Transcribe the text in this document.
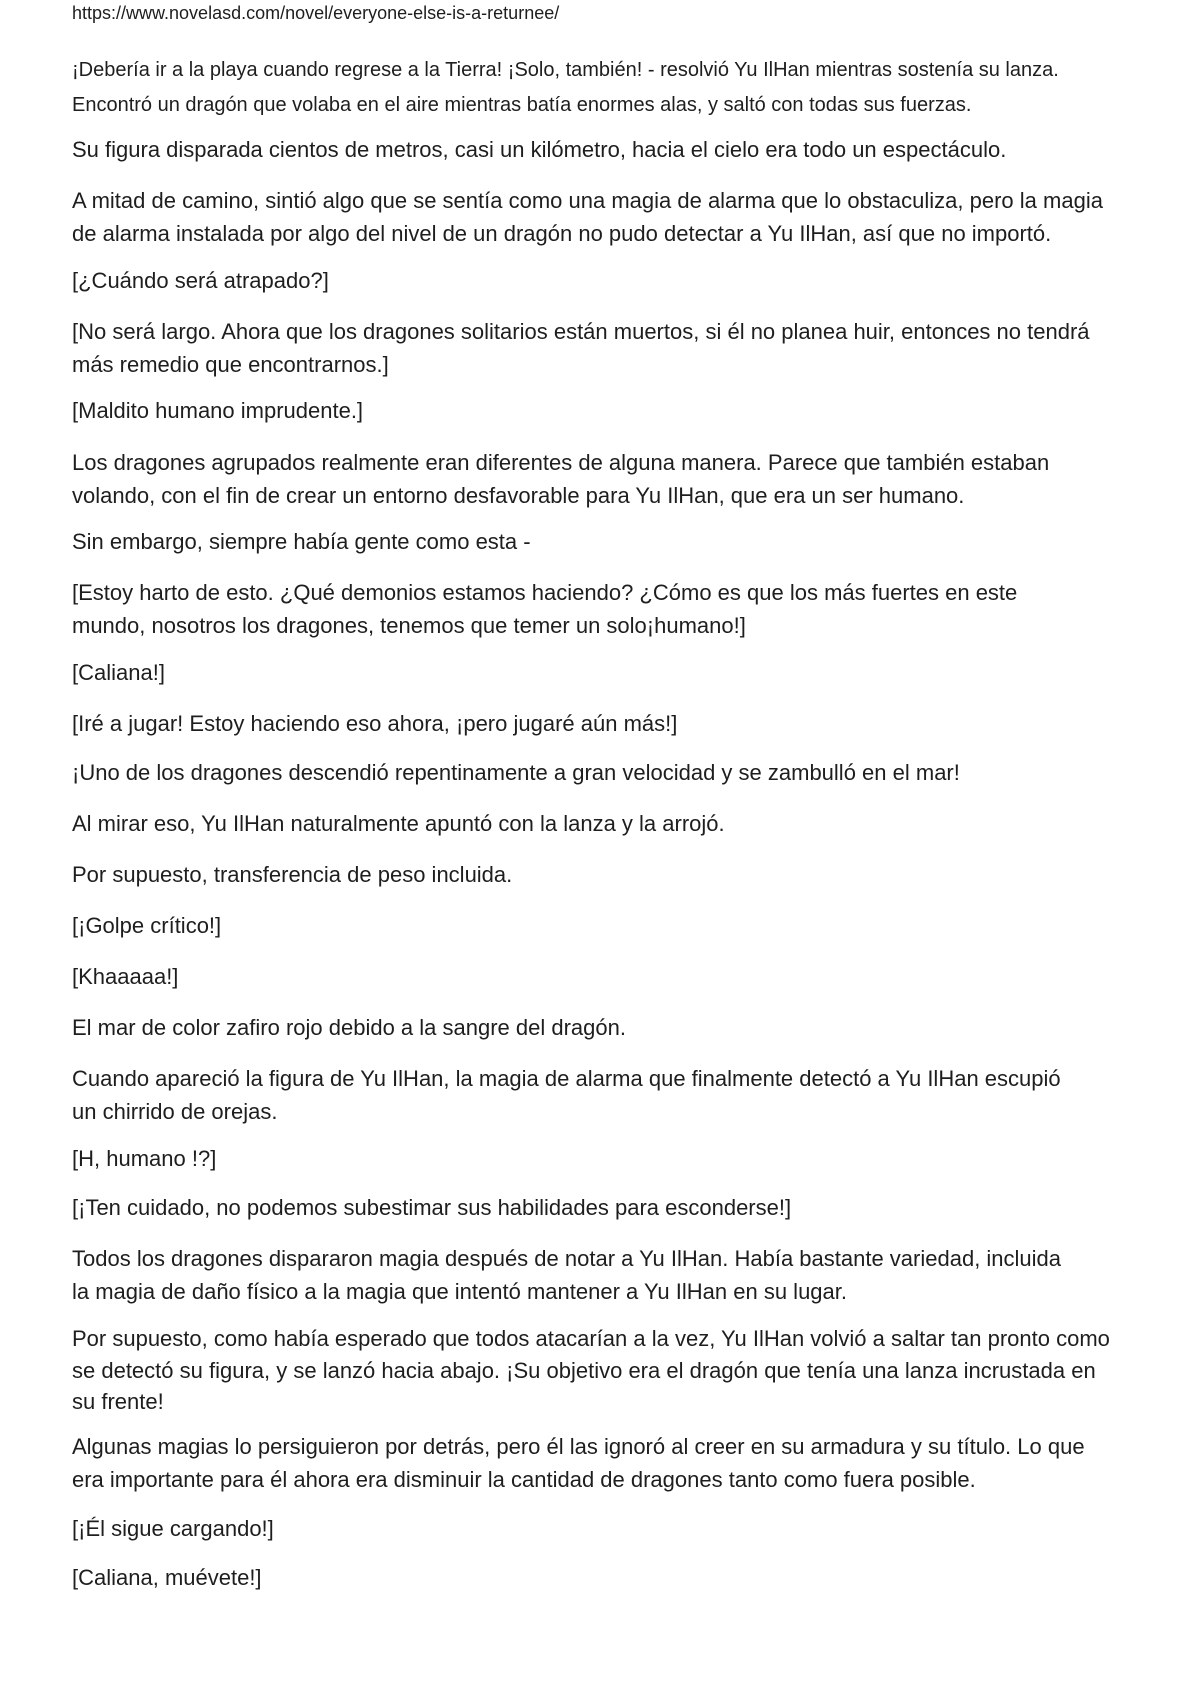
https://www.novelasd.com/novel/everyone-else-is-a-returnee/

¡Debería ir a la playa cuando regrese a la Tierra! ¡Solo, también! - resolvió Yu IlHan mientras sostenía su lanza.
Encontró un dragón que volaba en el aire mientras batía enormes alas, y saltó con todas sus fuerzas.

Su figura disparada cientos de metros, casi un kilómetro, hacia el cielo era todo un espectáculo.

A mitad de camino, sintió algo que se sentía como una magia de alarma que lo obstaculiza, pero la magia
de alarma instalada por algo del nivel de un dragón no pudo detectar a Yu IlHan, así que no importó.

[¿Cuándo será atrapado?]

[No será largo. Ahora que los dragones solitarios están muertos, si él no planea huir, entonces no tendrá
más remedio que encontrarnos.]

[Maldito humano imprudente.]

Los dragones agrupados realmente eran diferentes de alguna manera. Parece que también estaban
volando, con el fin de crear un entorno desfavorable para Yu IlHan, que era un ser humano.

Sin embargo, siempre había gente como esta -

[Estoy harto de esto. ¿Qué demonios estamos haciendo? ¿Cómo es que los más fuertes en este
mundo, nosotros los dragones, tenemos que temer un solo¡humano!]

[Caliana!]

[Iré a jugar! Estoy haciendo eso ahora, ¡pero jugaré aún más!]

¡Uno de los dragones descendió repentinamente a gran velocidad y se zambulló en el mar!

Al mirar eso, Yu IlHan naturalmente apuntó con la lanza y la arrojó.

Por supuesto, transferencia de peso incluida.

[¡Golpe crítico!]

[Khaaaaa!]

El mar de color zafiro rojo debido a la sangre del dragón.

Cuando apareció la figura de Yu IlHan, la magia de alarma que finalmente detectó a Yu IlHan escupió
un chirrido de orejas.

[H, humano !?]

[¡Ten cuidado, no podemos subestimar sus habilidades para esconderse!]

Todos los dragones dispararon magia después de notar a Yu IlHan. Había bastante variedad, incluida
la magia de daño físico a la magia que intentó mantener a Yu IlHan en su lugar.

Por supuesto, como había esperado que todos atacarían a la vez, Yu IlHan volvió a saltar tan pronto como
se detectó su figura, y se lanzó hacia abajo. ¡Su objetivo era el dragón que tenía una lanza incrustada en
su frente!

Algunas magias lo persiguieron por detrás, pero él las ignoró al creer en su armadura y su título. Lo que
era importante para él ahora era disminuir la cantidad de dragones tanto como fuera posible.

[¡Él sigue cargando!]

[Caliana, muévete!]
